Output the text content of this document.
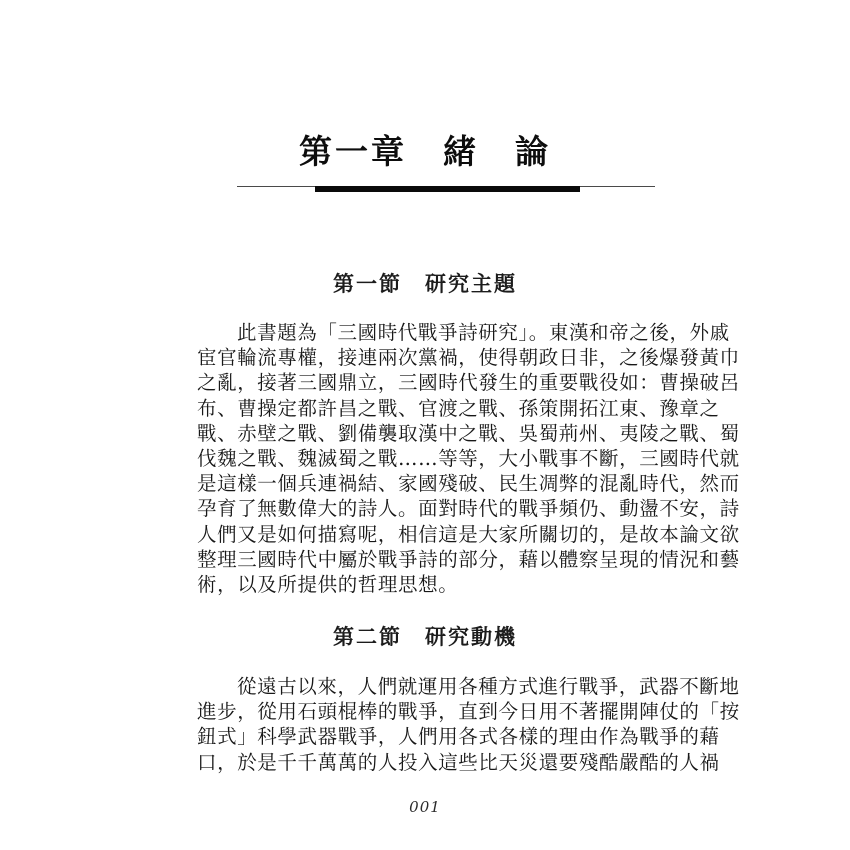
第一章　緒　論
第一節　研究主題
此書題為「三國時代戰爭詩研究」。東漢和帝之後，外戚
宦官輪流專權，接連兩次黨禍，使得朝政日非，之後爆發黃巾
之亂，接著三國鼎立，三國時代發生的重要戰役如：曹操破呂
布、曹操定都許昌之戰、官渡之戰、孫策開拓江東、豫章之
戰、赤壁之戰、劉備襲取漢中之戰、吳蜀荊州、夷陵之戰、蜀
伐魏之戰、魏滅蜀之戰……等等，大小戰事不斷，三國時代就
是這樣一個兵連禍結、家國殘破、民生凋弊的混亂時代，然而
孕育了無數偉大的詩人。面對時代的戰爭頻仍、動盪不安，詩
人們又是如何描寫呢，相信這是大家所關切的，是故本論文欲
整理三國時代中屬於戰爭詩的部分，藉以體察呈現的情況和藝
術，以及所提供的哲理思想。
第二節　研究動機
從遠古以來，人們就運用各種方式進行戰爭，武器不斷地
進步，從用石頭棍棒的戰爭，直到今日用不著擺開陣仗的「按
鈕式」科學武器戰爭，人們用各式各樣的理由作為戰爭的藉
口，於是千千萬萬的人投入這些比天災還要殘酷嚴酷的人禍
001
